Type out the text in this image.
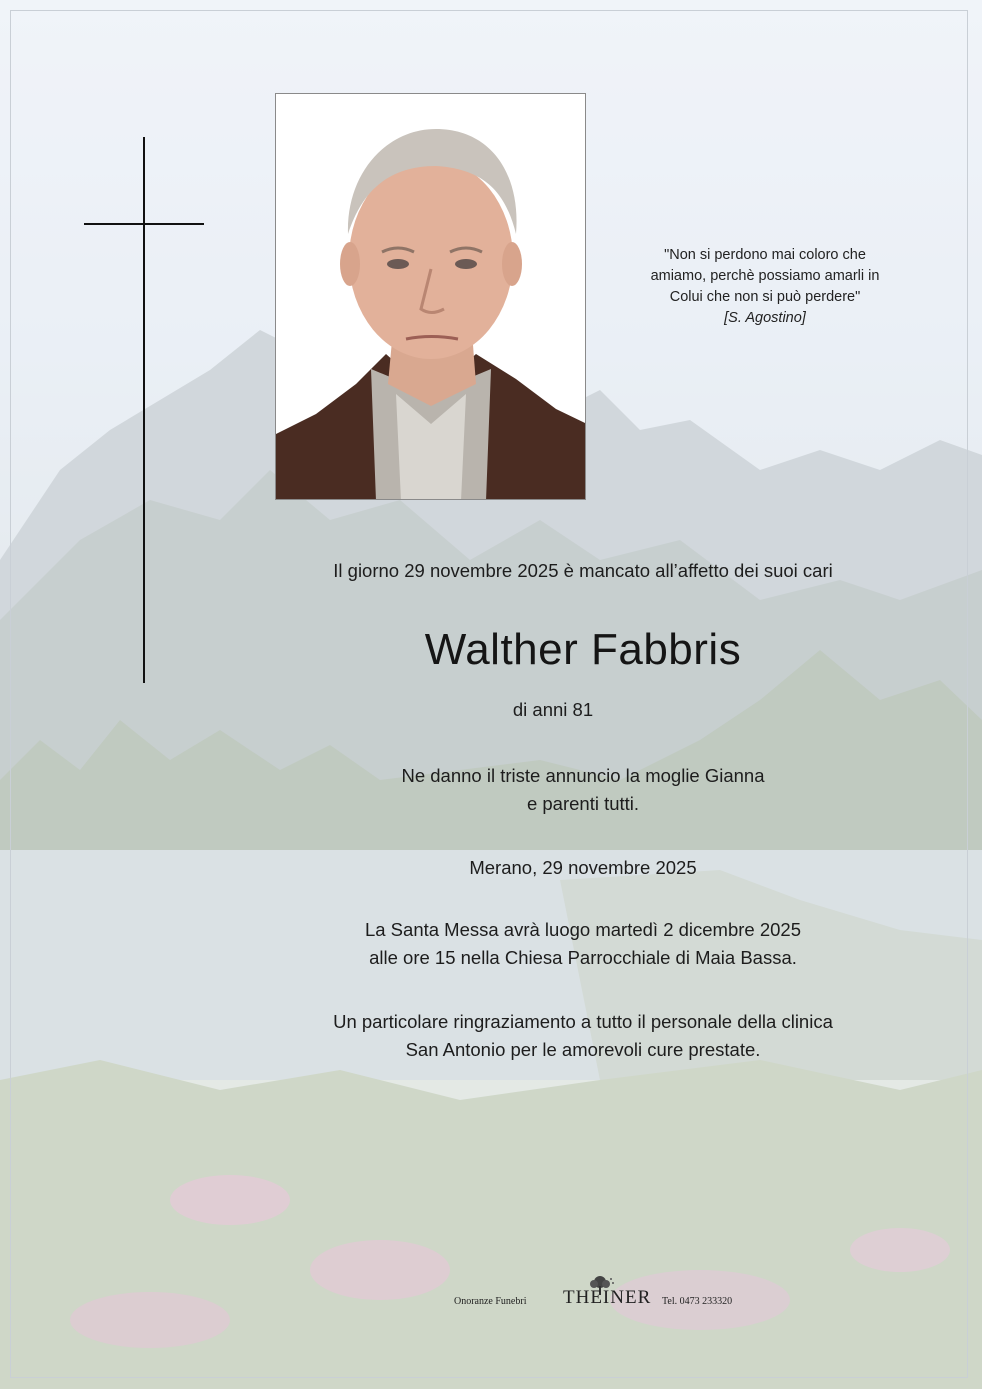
"Non si perdono mai coloro che
amiamo, perchè possiamo amarli in
Colui che non si può perdere"

[S. Agostino]
Il giorno 29 novembre 2025 è mancato all’affetto dei suoi cari
Walther Fabbris
di anni 81
Ne danno il triste annuncio la moglie Gianna
e parenti tutti.
Merano, 29 novembre 2025
La Santa Messa avrà luogo martedì 2 dicembre 2025
alle ore 15 nella Chiesa Parrocchiale di Maia Bassa.
Un particolare ringraziamento a tutto il personale della clinica
San Antonio per le amorevoli cure prestate.
Onoranze Funebri THEINER Tel. 0473 233320
